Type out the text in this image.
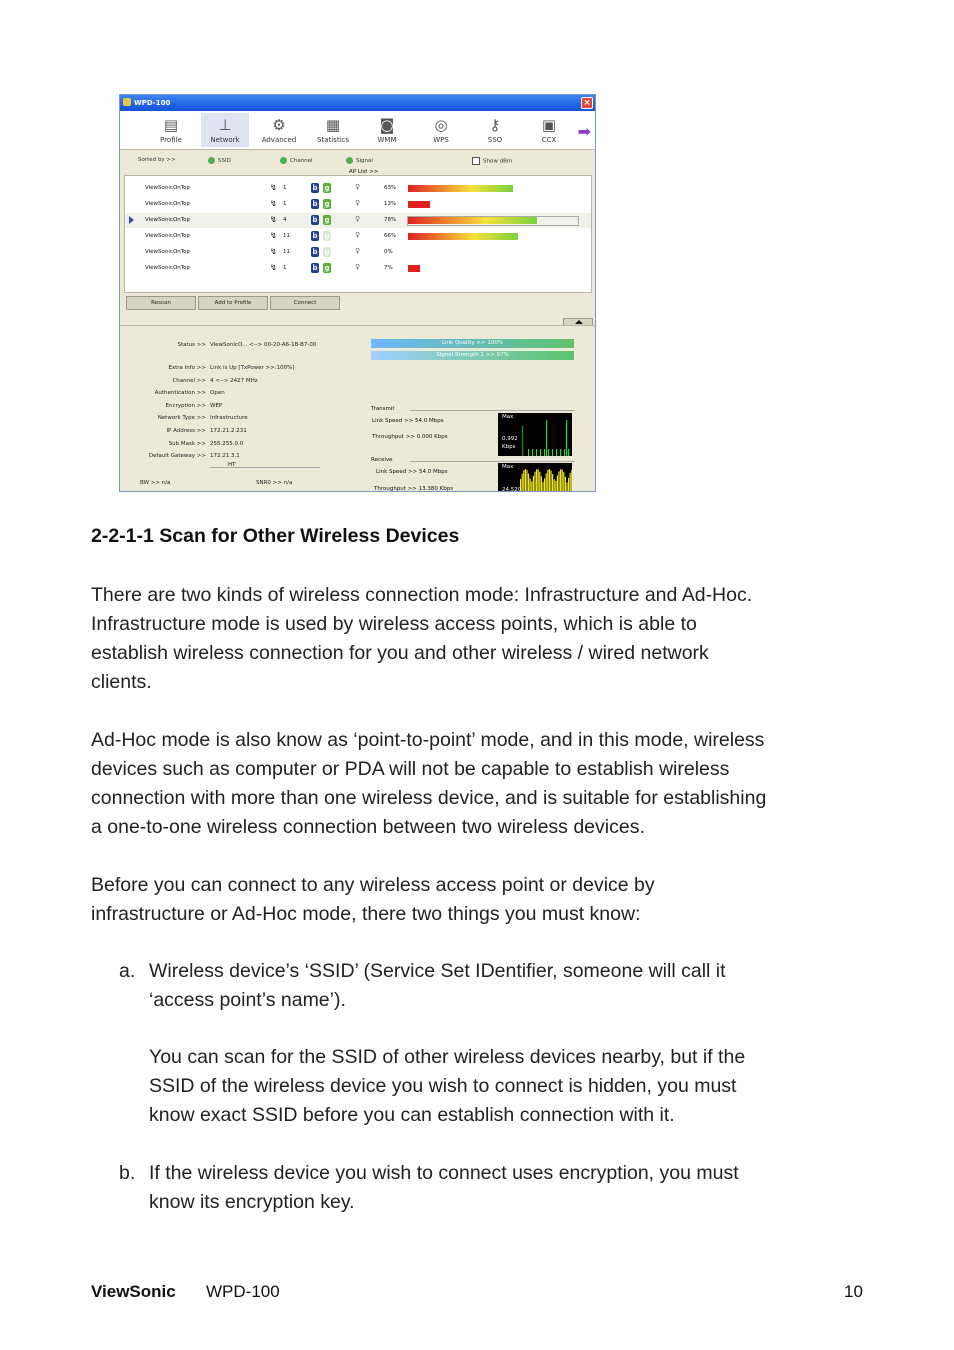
WPD-100	×
▤
Profile
⊥
Network
⚙
Advanced
▦
Statistics
◙
WMM
◎
WPS
⚷
SSO
▣
CCX
Sorted by >>	SSID	Channel	Signal	Show dBm
AP List >>
ViewSonicOnTop	↯ 1	b g	♀	63%
ViewSonicOnTop	↯ 1	b g	♀	13%
ViewSonicOnTop	↯ 4	b g	♀	78%
ViewSonicOnTop	↯ 11	b g	♀	66%
ViewSonicOnTop	↯ 11	b g	♀	0%
ViewSonicOnTop	↯ 1	b g	♀	7%
Rescan	Add to Profile	Connect
Status >> ViewSonicO... <--> 00-20-A6-1B-B7-00
Extra Info >> Link is Up [TxPower >>:100%]
Channel >> 4 <--> 2427 MHz
Authentication >> Open
Encryption >> WEP
Network Type >> Infrastructure
IP Address >> 172.21.2.231
Sub Mask >> 255.255.0.0
Default Gateway >> 172.21.3.1
HT
BW >> n/a	SNR0 >> n/a
Link Quality >> 100%
Signal Strength 1 >> 97%
Transmit
Link Speed >> 54.0 Mbps
Throughput >> 0.000 Kbps
Max
0.992
Kbps
Receive
Link Speed >> 54.0 Mbps
Throughput >> 13.380 Kbps
Max
24.520
➡
2-2-1-1 Scan for Other Wireless Devices
There are two kinds of wireless connection mode: Infrastructure and Ad-Hoc.
Infrastructure mode is used by wireless access points, which is able to
establish wireless connection for you and other wireless / wired network
clients.
Ad-Hoc mode is also know as ‘point-to-point’ mode, and in this mode, wireless
devices such as computer or PDA will not be capable to establish wireless
connection with more than one wireless device, and is suitable for establishing
a one-to-one wireless connection between two wireless devices.
Before you can connect to any wireless access point or device by
infrastructure or Ad-Hoc mode, there two things you must know:
a. Wireless device’s ‘SSID’ (Service Set IDentifier, someone will call it
‘access point’s name’).
You can scan for the SSID of other wireless devices nearby, but if the
SSID of the wireless device you wish to connect is hidden, you must
know exact SSID before you can establish connection with it.
b. If the wireless device you wish to connect uses encryption, you must
know its encryption key.
ViewSonic WPD-100	10
